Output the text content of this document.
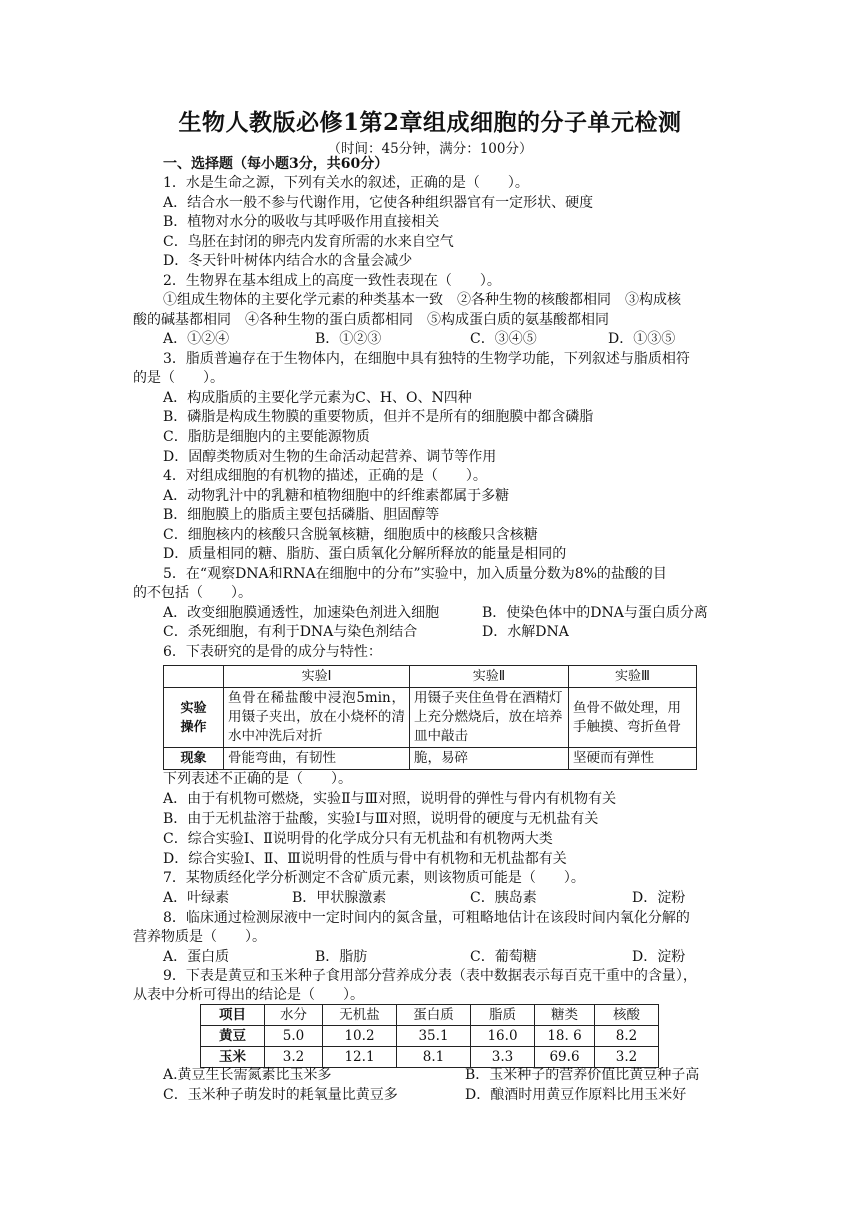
生物人教版必修1第2章组成细胞的分子单元检测
（时间：45分钟，满分：100分）
一、选择题（每小题3分，共60分）
1．水是生命之源，下列有关水的叙述，正确的是（　　）。
A．结合水一般不参与代谢作用，它使各种组织器官有一定形状、硬度
B．植物对水分的吸收与其呼吸作用直接相关
C．鸟胚在封闭的卵壳内发育所需的水来自空气
D．冬天针叶树体内结合水的含量会减少
2．生物界在基本组成上的高度一致性表现在（　　）。
①组成生物体的主要化学元素的种类基本一致　②各种生物的核酸都相同　③构成核
酸的碱基都相同　④各种生物的蛋白质都相同　⑤构成蛋白质的氨基酸都相同
A．①②④	B．①②③	C．③④⑤	D．①③⑤
3．脂质普遍存在于生物体内，在细胞中具有独特的生物学功能，下列叙述与脂质相符
的是（　　）。
A．构成脂质的主要化学元素为C、H、O、N四种
B．磷脂是构成生物膜的重要物质，但并不是所有的细胞膜中都含磷脂
C．脂肪是细胞内的主要能源物质
D．固醇类物质对生物的生命活动起营养、调节等作用
4．对组成细胞的有机物的描述，正确的是（　　）。
A．动物乳汁中的乳糖和植物细胞中的纤维素都属于多糖
B．细胞膜上的脂质主要包括磷脂、胆固醇等
C．细胞核内的核酸只含脱氧核糖，细胞质中的核酸只含核糖
D．质量相同的糖、脂肪、蛋白质氧化分解所释放的能量是相同的
5．在“观察DNA和RNA在细胞中的分布”实验中，加入质量分数为8%的盐酸的目
的不包括（　　）。
A．改变细胞膜通透性，加速染色剂进入细胞	B．使染色体中的DNA与蛋白质分离
C．杀死细胞，有利于DNA与染色剂结合	D．水解DNA
6．下表研究的是骨的成分与特性：
	实验Ⅰ	实验Ⅱ	实验Ⅲ
实验
操作	鱼骨在稀盐酸中浸泡5min，用镊子夹出，放在小烧杯的清水中冲洗后对折	用镊子夹住鱼骨在酒精灯上充分燃烧后，放在培养皿中敲击	鱼骨不做处理，用手触摸、弯折鱼骨
现象	骨能弯曲，有韧性	脆，易碎	坚硬而有弹性
下列表述不正确的是（　　）。
A．由于有机物可燃烧，实验Ⅱ与Ⅲ对照，说明骨的弹性与骨内有机物有关
B．由于无机盐溶于盐酸，实验Ⅰ与Ⅲ对照，说明骨的硬度与无机盐有关
C．综合实验Ⅰ、Ⅱ说明骨的化学成分只有无机盐和有机物两大类
D．综合实验Ⅰ、Ⅱ、Ⅲ说明骨的性质与骨中有机物和无机盐都有关
7．某物质经化学分析测定不含矿质元素，则该物质可能是（　　）。
A．叶绿素	B．甲状腺激素	C．胰岛素	D．淀粉
8．临床通过检测尿液中一定时间内的氮含量，可粗略地估计在该段时间内氧化分解的
营养物质是（　　）。
A．蛋白质	B．脂肪	C．葡萄糖	D．淀粉
9．下表是黄豆和玉米种子食用部分营养成分表（表中数据表示每百克干重中的含量），
从表中分析可得出的结论是（　　）。
项目	水分	无机盐	蛋白质	脂质	糖类	核酸
黄豆	5.0	10.2	35.1	16.0	18. 6	8.2
玉米	3.2	12.1	8.1	3.3	69.6	3.2
A.黄豆生长需氮素比玉米多	B．玉米种子的营养价值比黄豆种子高
C．玉米种子萌发时的耗氧量比黄豆多	D．酿酒时用黄豆作原料比用玉米好
